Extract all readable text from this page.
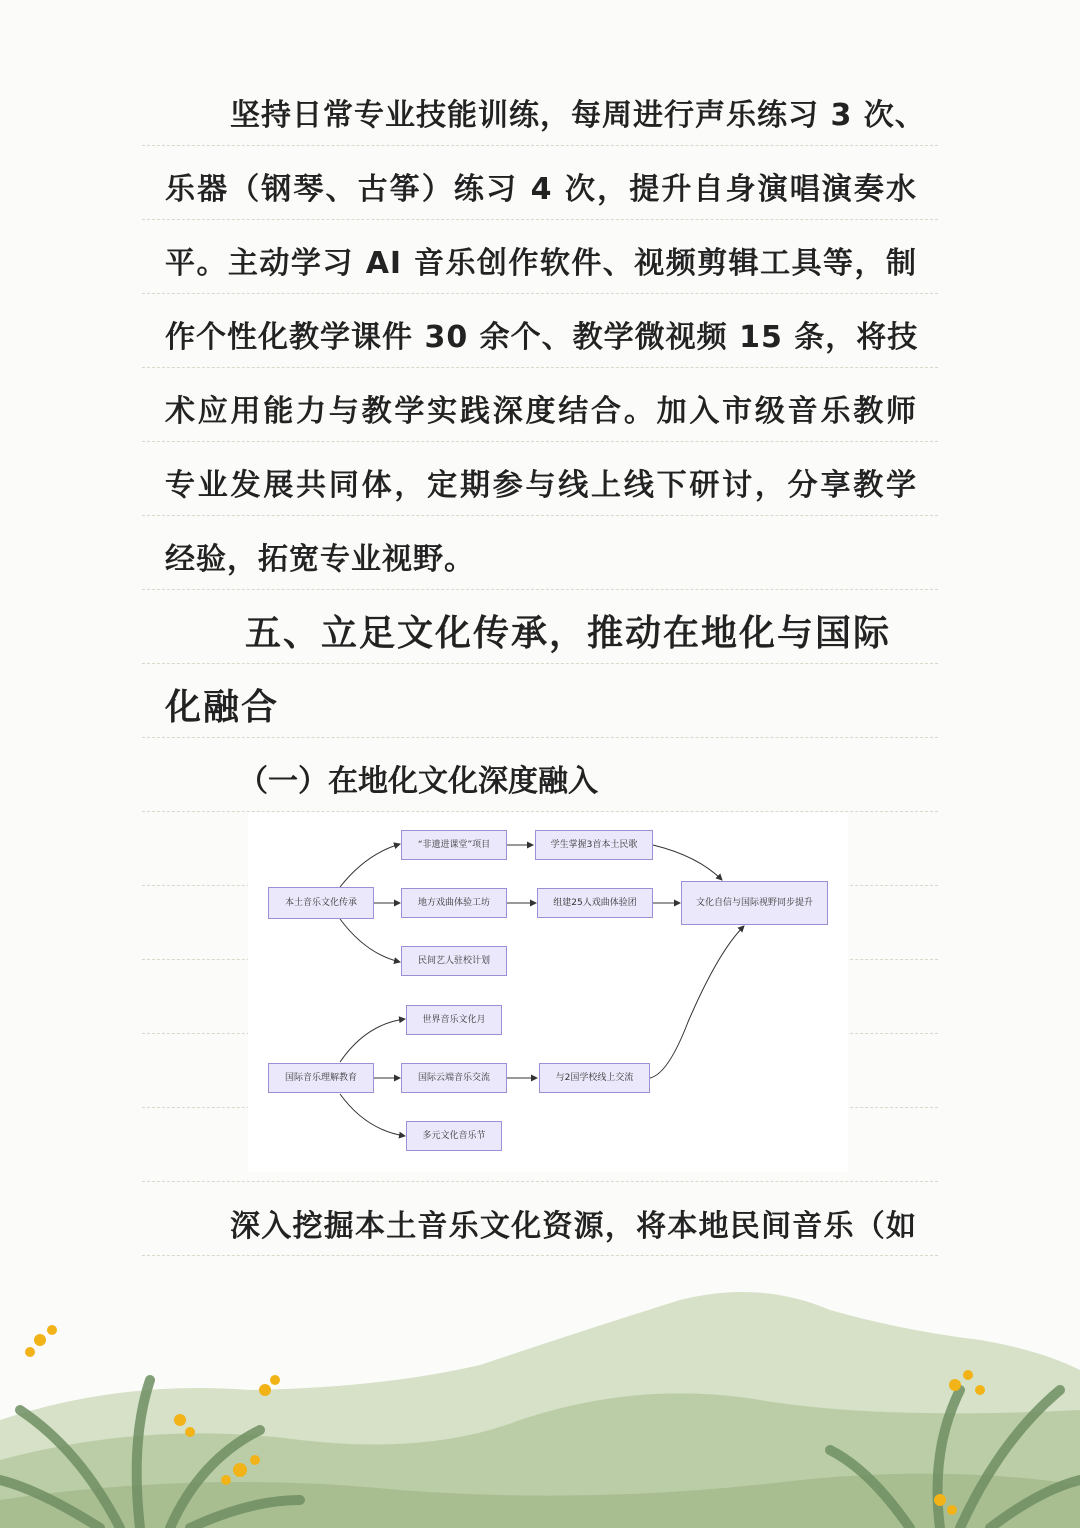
坚持日常专业技能训练，每周进行声乐练习 3 次、
乐器（钢琴、古筝）练习 4 次，提升自身演唱演奏水
平。主动学习 AI 音乐创作软件、视频剪辑工具等，制
作个性化教学课件 30 余个、教学微视频 15 条，将技
术应用能力与教学实践深度结合。加入市级音乐教师
专业发展共同体，定期参与线上线下研讨，分享教学
经验，拓宽专业视野。
五、立足文化传承，推动在地化与国际
化融合
（一）在地化文化深度融入
本土音乐文化传承
“非遗进课堂”项目
地方戏曲体验工坊
民间艺人驻校计划
学生掌握3首本土民歌
组建25人戏曲体验团	文化自信与国际视野同步提升
世界音乐文化月
国际音乐理解教育	国际云端音乐交流	与2国学校线上交流
多元文化音乐节
深入挖掘本土音乐文化资源，将本地民间音乐（如
